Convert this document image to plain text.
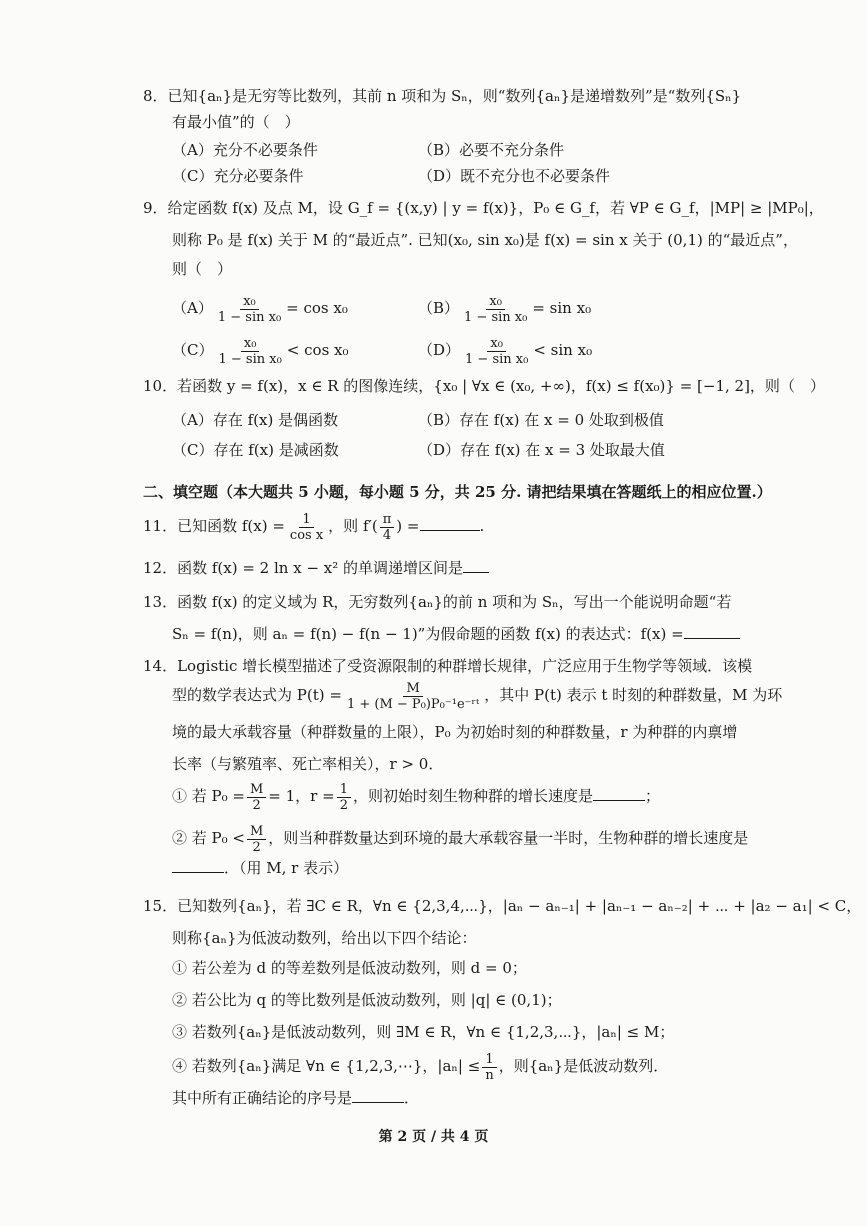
8．已知{aₙ}是无穷等比数列，其前 n 项和为 Sₙ，则“数列{aₙ}是递增数列”是“数列{Sₙ}
有最小值”的（　）
（A）充分不必要条件	（B）必要不充分条件
（C）充分必要条件	（D）既不充分也不必要条件
9．给定函数 f(x) 及点 M，设 G_f = {(x,y) | y = f(x)}，P₀ ∈ G_f，若 ∀P ∈ G_f，|MP| ≥ |MP₀|，
则称 P₀ 是 f(x) 关于 M 的“最近点”. 已知(x₀, sin x₀)是 f(x) = sin x 关于 (0,1) 的“最近点”，
则（　）
$(A) \frac{\text{x₀}}{\text{1 − sin x₀}} = \cos x_0$	$(B) \frac{\text{x₀}}{\text{1 − sin x₀}} = \sin x_0$
$(C) \frac{\text{x₀}}{\text{1 − sin x₀}} < \cos x_0$	$(D) \frac{\text{x₀}}{\text{1 − sin x₀}} < \sin x_0$
10．若函数 y = f(x)，x ∈ R 的图像连续，{x₀ | ∀x ∈ (x₀, +∞)，f(x) ≤ f(x₀)} = [−1, 2]，则（　）
（A）存在 f(x) 是偶函数	（B）存在 f(x) 在 x = 0 处取到极值
（C）存在 f(x) 是减函数	（D）存在 f(x) 在 x = 3 处取最大值
二、填空题（本大题共 5 小题，每小题 5 分，共 25 分. 请把结果填在答题纸上的相应位置.）
11．已知函数 $f(x) = \frac{1}{\text{cos x}}$ ，则 $f'( \frac{\pi}{4}$ ) =	.
12．函数 f(x) = 2 ln x − x² 的单调递增区间是
13．函数 f(x) 的定义域为 R，无穷数列{aₙ}的前 n 项和为 Sₙ，写出一个能说明命题“若
Sₙ = f(n)，则 aₙ = f(n) − f(n − 1)”为假命题的函数 f(x) 的表达式：f(x) =
14．Logistic 增长模型描述了受资源限制的种群增长规律，广泛应用于生物学等领域．该模
型的数学表达式为 $P(t) = \frac{M}{\text{1 + (M − P₀)P₀⁻¹e⁻ʳᵗ}}$ ，其中 P(t) 表示 t 时刻的种群数量，M 为环
境的最大承载容量（种群数量的上限），P₀ 为初始时刻的种群数量，r 为种群的内禀增
长率（与繁殖率、死亡率相关），r > 0．
① 若 $P_0 = \frac{M}{2} = 1$，$r = \frac{1}{2}$ ，则初始时刻生物种群的增长速度是	；
② 若 $P_0 < \frac{M}{2}$ ，则当种群数量达到环境的最大承载容量一半时，生物种群的增长速度是
．（用 M, r 表示）
15．已知数列{aₙ}，若 ∃C ∈ R，∀n ∈ {2,3,4,⋯}，|aₙ − aₙ₋₁| + |aₙ₋₁ − aₙ₋₂| + ⋯ + |a₂ − a₁| < C，
则称{aₙ}为低波动数列，给出以下四个结论：
① 若公差为 d 的等差数列是低波动数列，则 d = 0；
② 若公比为 q 的等比数列是低波动数列，则 |q| ∈ (0,1)；
③ 若数列{aₙ}是低波动数列，则 ∃M ∈ R，∀n ∈ {1,2,3,⋯}，|aₙ| ≤ M；
④ 若数列{aₙ}满足 ∀n ∈ {1,2,3,⋯}，$|a_n| \le \frac{1}{n}$ ，则{aₙ}是低波动数列．
其中所有正确结论的序号是	．
第 2 页 / 共 4 页
